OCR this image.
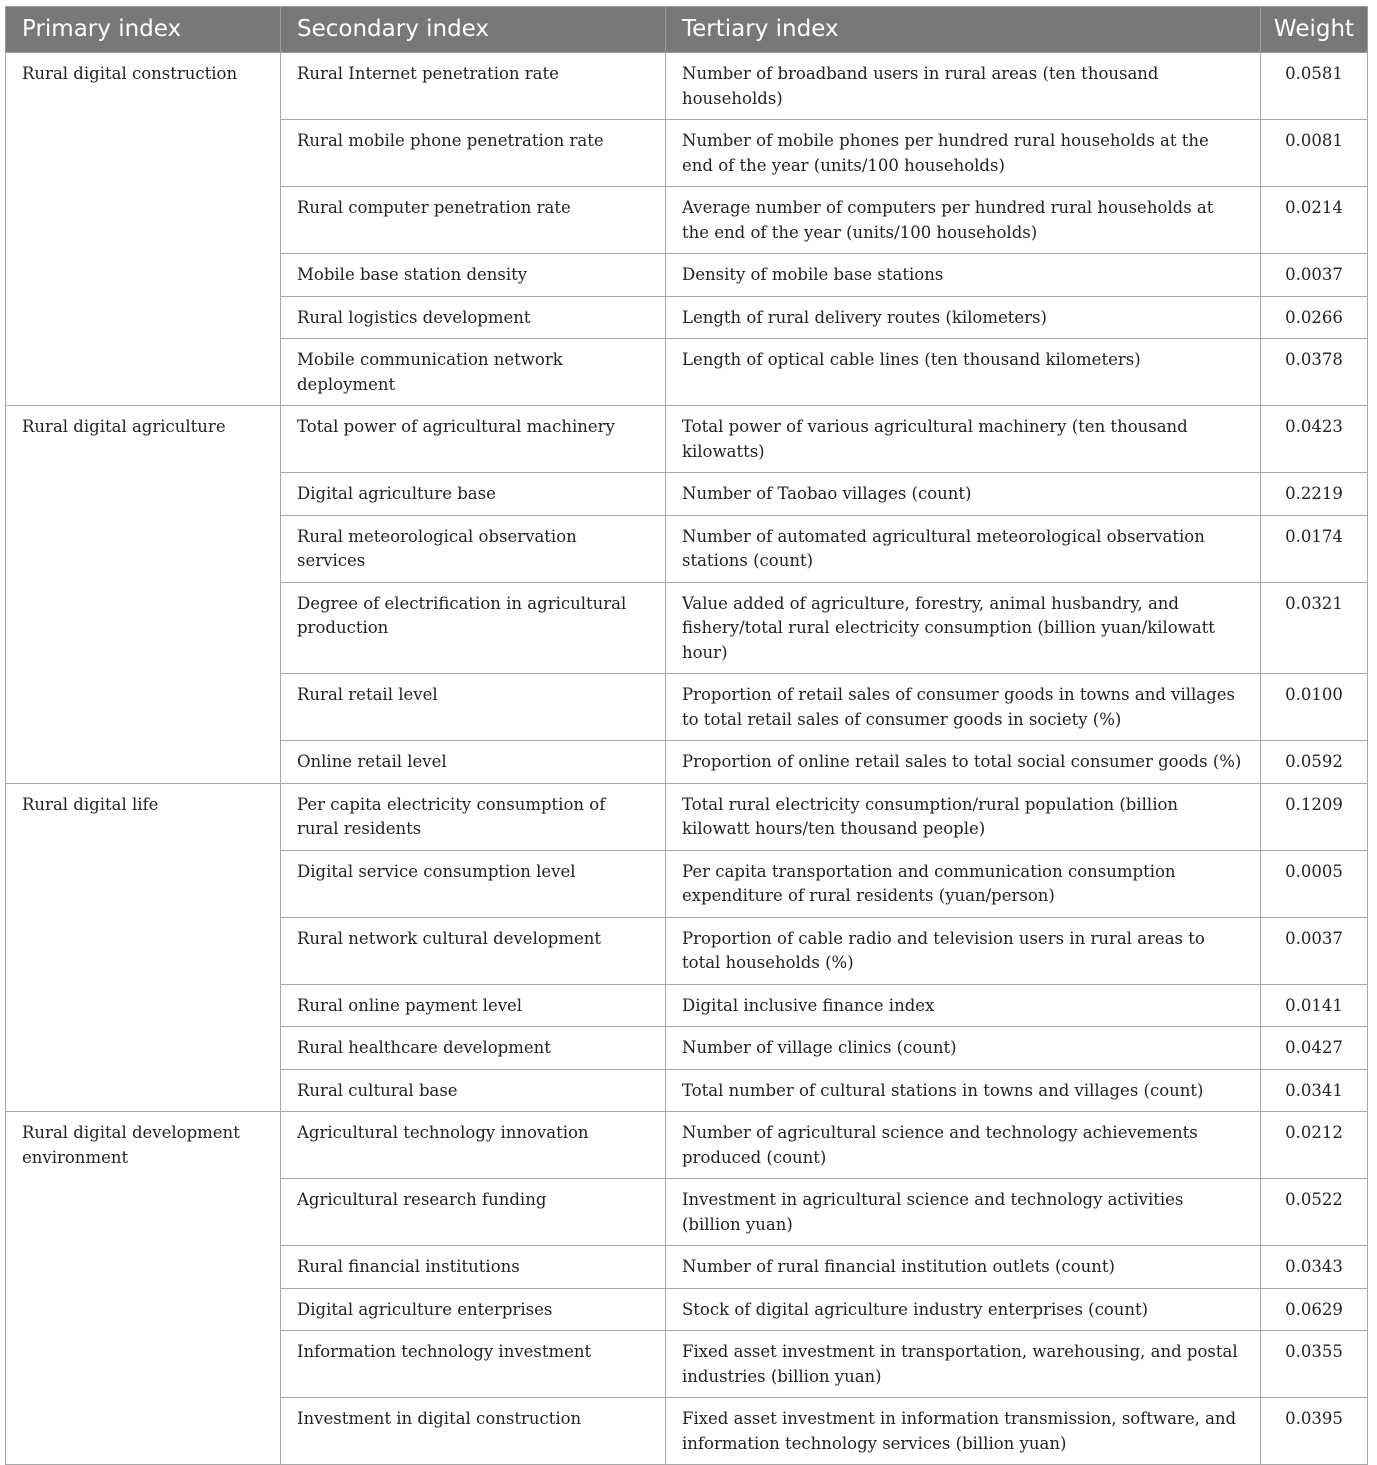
Primary index	Secondary index	Tertiary index	Weight
Rural digital construction	Rural Internet penetration rate	Number of broadband users in rural areas (ten thousand households)	0.0581
	Rural mobile phone penetration rate	Number of mobile phones per hundred rural households at the end of the year (units/100 households)	0.0081
	Rural computer penetration rate	Average number of computers per hundred rural households at the end of the year (units/100 households)	0.0214
	Mobile base station density	Density of mobile base stations	0.0037
	Rural logistics development	Length of rural delivery routes (kilometers)	0.0266
	Mobile communication network deployment	Length of optical cable lines (ten thousand kilometers)	0.0378
Rural digital agriculture	Total power of agricultural machinery	Total power of various agricultural machinery (ten thousand kilowatts)	0.0423
	Digital agriculture base	Number of Taobao villages (count)	0.2219
	Rural meteorological observation services	Number of automated agricultural meteorological observation stations (count)	0.0174
	Degree of electrification in agricultural production	Value added of agriculture, forestry, animal husbandry, and fishery/total rural electricity consumption (billion yuan/kilowatt hour)	0.0321
	Rural retail level	Proportion of retail sales of consumer goods in towns and villages to total retail sales of consumer goods in society (%)	0.0100
	Online retail level	Proportion of online retail sales to total social consumer goods (%)	0.0592
Rural digital life	Per capita electricity consumption of rural residents	Total rural electricity consumption/rural population (billion kilowatt hours/ten thousand people)	0.1209
	Digital service consumption level	Per capita transportation and communication consumption expenditure of rural residents (yuan/person)	0.0005
	Rural network cultural development	Proportion of cable radio and television users in rural areas to total households (%)	0.0037
	Rural online payment level	Digital inclusive finance index	0.0141
	Rural healthcare development	Number of village clinics (count)	0.0427
	Rural cultural base	Total number of cultural stations in towns and villages (count)	0.0341
Rural digital development environment	Agricultural technology innovation	Number of agricultural science and technology achievements produced (count)	0.0212
	Agricultural research funding	Investment in agricultural science and technology activities (billion yuan)	0.0522
	Rural financial institutions	Number of rural financial institution outlets (count)	0.0343
	Digital agriculture enterprises	Stock of digital agriculture industry enterprises (count)	0.0629
	Information technology investment	Fixed asset investment in transportation, warehousing, and postal industries (billion yuan)	0.0355
	Investment in digital construction	Fixed asset investment in information transmission, software, and information technology services (billion yuan)	0.0395
